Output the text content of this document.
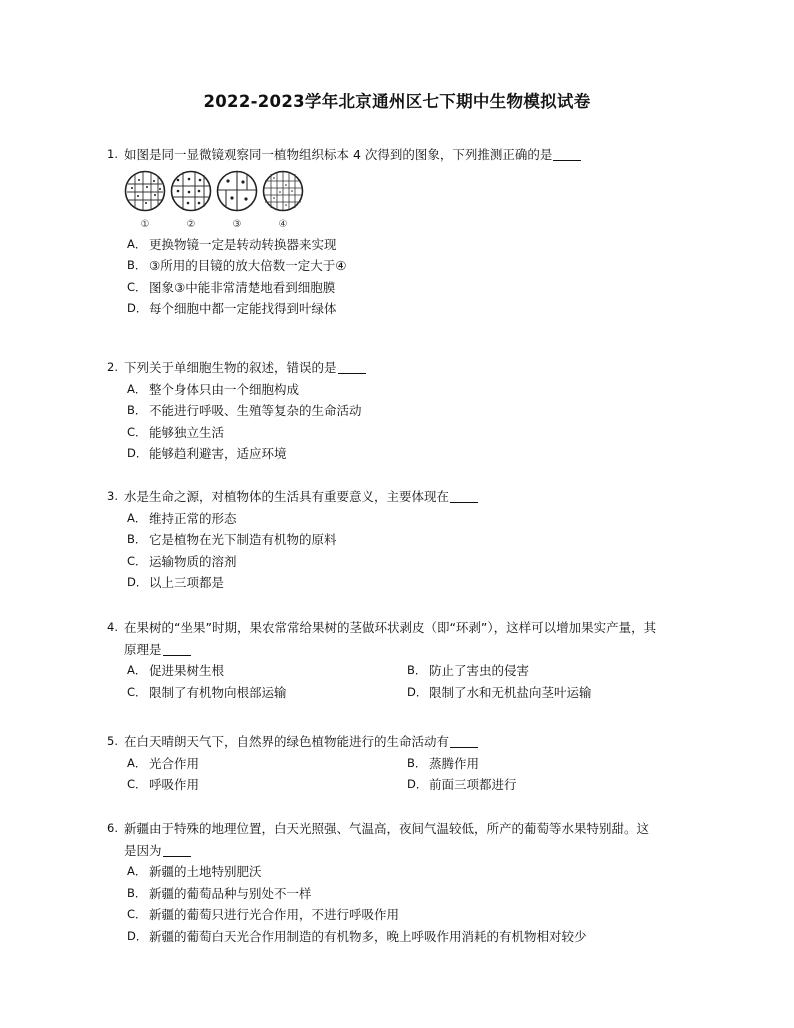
2022-2023学年北京通州区七下期中生物模拟试卷
1. 如图是同一显微镜观察同一植物组织标本 4 次得到的图象，下列推测正确的是
①	②	③	④
A． 更换物镜一定是转动转换器来实现
B． ③所用的目镜的放大倍数一定大于④
C． 图象③中能非常清楚地看到细胞膜
D． 每个细胞中都一定能找得到叶绿体
2. 下列关于单细胞生物的叙述，错误的是
A． 整个身体只由一个细胞构成
B． 不能进行呼吸、生殖等复杂的生命活动
C． 能够独立生活
D． 能够趋利避害，适应环境
3. 水是生命之源，对植物体的生活具有重要意义，主要体现在
A． 维持正常的形态
B． 它是植物在光下制造有机物的原料
C． 运输物质的溶剂
D． 以上三项都是
4. 在果树的“坐果”时期，果农常常给果树的茎做环状剥皮（即“环剥”），这样可以增加果实产量，其
原理是
A． 促进果树生根	B． 防止了害虫的侵害
C． 限制了有机物向根部运输	D． 限制了水和无机盐向茎叶运输
5. 在白天晴朗天气下，自然界的绿色植物能进行的生命活动有
A． 光合作用	B． 蒸腾作用
C． 呼吸作用	D． 前面三项都进行
6. 新疆由于特殊的地理位置，白天光照强、气温高，夜间气温较低，所产的葡萄等水果特别甜。这
是因为
A． 新疆的土地特别肥沃
B． 新疆的葡萄品种与别处不一样
C． 新疆的葡萄只进行光合作用，不进行呼吸作用
D． 新疆的葡萄白天光合作用制造的有机物多，晚上呼吸作用消耗的有机物相对较少
